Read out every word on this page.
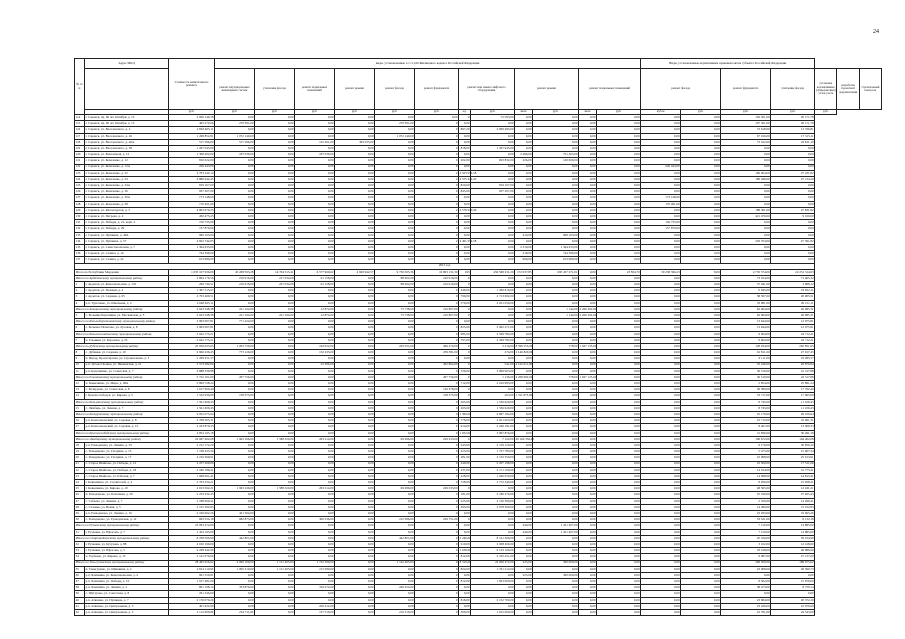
24
№ п/п	Адрес МКД	Стоимость капитального ремонта	виды, установленные ч.1 ст.166 Жилищного кодекса Российской Федерации												Виды, установленные нормативным правовым актом субъекта Российской Федерации						
			ремонт внутридомовых инженерных систем	утепление фасада	ремонт подвальных помещений	ремонт крыши	ремонт фасада	ремонт фундамента	ремонт или замена лифтового оборудования		ремонт крыши		ремонт подвальных помещений		ремонт фасада		ремонт фундамента	утепление фасада	установка коллективных (общедомовых) узлов учета	разработка проектной документации	строительный контроль
		руб.	руб.	руб.	руб.	руб.	руб.	руб.	ед.	руб.	кв.м	руб.	кв.м	руб.	куб.м	руб.	руб.	руб.	руб.		
114	г. Саранск, пр. 60 лет Октября, д. 13	2 600 149,18	0,00	0,00	0,00	0,00	0,00	0,00	0	72 593,00	0,00	0,00	0,00	0,00	0,00	0,00	105 501,00	20 171,78			
115	г. Саранск, пр. 60 лет Октября, д. 15	465 272,06	270 391,00	0,00	0,00	0,00	270 391,00	0	0,00	0,00	0,00	0,00	0,00	0,00	0,00	0,00	107 501,00	20 171,78			
116	г. Саранск, ул. Веселовского, д. 2	2 863 405,11	0,00	0,00	0,00	0,00	0,00	0	897,20	2 999 483,00	0,00	0,00	0,00	0,00	0,00	0,00	72 618,00	13 766,81			
117	г. Саранск, ул. Веселовского, д. 26	1 268 852,81	1 072 140,00	0,00	0,00	0,00	1 072 140,00	0	0,00	0,00	0,00	0,00	0,00	0,00	0,00	0,00	67 016,00	17 315,11			
118	г. Саранск, ул. Веселовского, д. 46А	517 296,00	517 296,00	0,00	122 261,00	395 035,00	0,00	0	0,00	0,00	0,00	0,00	0,00	0,00	0,00	0,00	73 162,00	22 811,10			
119	г. Саранск, ул. Веселовского, д. 58	1 267 945,00	0,00	0,00	0,00	0,00	0,00	0	818,00	1 267 945,00	0,00	0,00	0,00	0,00	0,00	0,00	0,00	0,00			
120	г. Саранск, ул. Вокзальная, д. 12	1 308 402,00	187 039,00	0,00	187 039,00	0,00	0,00	0	0,00	0,00	2 496,00	751 363,00	0,00	0,00	0,00	0,00	0,00	0,00			
121	г. Саранск, ул. Коваленко, д. 12	810 022,00	0,00	0,00	0,00	0,00	0,00	0	202,00	693 832,00	226,00	120 000,00	0,00	0,00	0,00	0,00	0,00	0,00			
122	г. Саранск, ул. Коваленко, д. 12А	226 443,00	0,00	0,00	0,00	0,00	0,00	0	0,00	0,00	0,00	0,00	0,00	0,00	226 443,00	0,00	0,00	0,00			
123	г. Саранск, ул. Коваленко, д. 32	4 793 242,14	0,00	0,00	0,00	0,00	0,00	2	4 503 034,58	0,00	0,00	0,00	0,00	0,00	0,00	0,00	190 004,00	27 431,82			
124	г. Саранск, ул. Коваленко, д. 34	4 886 642,45	0,00	0,00	0,00	0,00	0,00	2	4 575 442,45	0,00	0,00	0,00	0,00	0,00	0,00	0,00	186 048,00	27 134,20			
125	г. Саранск, ул. Коваленко, д. 34А	819 167,00	0,00	0,00	0,00	0,00	0,00	0	820,00	819 167,00	0,00	0,00	0,00	0,00	0,00	0,00	0,00	0,00			
126	г. Саранск, ул. Коваленко, д. 36	957 207,00	0,00	0,00	0,00	0,00	0,00	0	845,00	957 207,00	0,00	0,00	0,00	0,00	0,00	0,00	0,00	0,00			
127	г. Саранск, ул. Коваленко, д. 36А	173 148,00	0,00	0,00	0,00	0,00	0,00	0	0,00	0,00	0,00	0,00	0,00	0,00	173 148,00	0,00	0,00	0,00			
128	г. Саранск, ул. Коваленко, д. 38	176 491,00	0,00	0,00	0,00	0,00	0,00	0	0,00	0,00	0,00	0,00	0,00	0,00	176 491,00	0,00	0,00	0,00			
129	г. Саранск, ул. Металлургов, д. 3	4 803 070,25	0,00	0,00	0,00	0,00	0,00	2	4 578 070,46	0,00	0,00	0,00	0,00	0,00	0,00	0,00	188 361,00	27 831,82			
130	г. Саранск, ул. Петрова, д. 4	450 475,25	0,00	0,00	0,00	0,00	0,00	0	0,00	0,00	0,00	0,00	0,00	0,00	0,00	0,00	421 470,00	9 010,00			
131	г. Саранск, ул. Победы, д. 21, корп. 2	156 735,00	0,00	0,00	0,00	0,00	0,00	0	0,00	0,00	0,00	0,00	0,00	0,00	156 735,00	0,00	0,00	0,00			
132	г. Саранск, ул. Победы, д. 29	157 879,00	0,00	0,00	0,00	0,00	0,00	0	0,00	0,00	0,00	0,00	0,00	0,00	157 879,00	0,00	0,00	0,00			
133	г. Саранск, ул. Пушкина, д. 49А	999 163,00	0,00	0,00	0,00	0,00	0,00	0	0,00	0,00	410,00	999 163,00	0,00	0,00	0,00	0,00	0,00	0,00			
134	г. Саранск, ул. Пушкина, д. 57	4 822 742,95	0,00	0,00	0,00	0,00	0,00	2	4 491 034,58	0,00	0,00	0,00	0,00	0,00	0,00	0,00	203 704,00	27 391,82			
135	г. Саранск, ул. Севастопольская, д. 7	1 364 633,00	0,00	0,00	0,00	0,00	0,00	0	0,00	0,00	2 310,00	1 364 633,00	0,00	0,00	0,00	0,00	0,00	0,00			
136	г. Саранск, ул. Сечина, д. 14	744 399,00	0,00	0,00	0,00	0,00	0,00	0	0,00	0,00	218,00	744 399,00	0,00	0,00	0,00	0,00	0,00	0,00			
137	г. Саранск, ул. Сечина, д. 22	613 980,00	0,00	0,00	0,00	0,00	0,00	0	0,00	0,00	690,00	613 980,00	0,00	0,00	0,00	0,00	0,00	0,00			
2015 год																					
Итого по Республике Мордовия		1 035 107 936,09	45 208 593,28	14 704 313,41	6 577 960,62	4 920 942,57	9 736 505,36	16 803 131,30	193	456 568 231,20	172 037,85	695 457 271,01	0,00	23 834,70	30 238 396,23	8,00	4 735 574,00	22 251 314,93			
Итого по Ардатовскому муниципальному району		2 804 176,56	210 916,00	217 034,00	61 158,00	0,00	88 262,00	210 916,00	0	0,00	0,00	0,00	0,00	0,00	0,00	0,00	73 104,00	71 465,32			
1	г. Ардатов, ул. Комсомольская, д. 135	269 744,51	210 916,00	227 034,00	61 158,00	0,00	88 262,00	210 916,00	0	0,00	0,00	0,00	0,00	0,00	0,00	0,00	37 041,00	3 998,12			
2	г. Ардатов, ул. Полевая, д. 2	1 397 515,67	0,00	0,00	0,00	0,00	0,00	0	249,00	1 309 810,00	0,00	0,00	0,00	0,00	0,00	0,00	0 645,00	19 922,11			
3	г. Ардатов, ул. Садовая, д. 65	2 793 469,51	0,00	0,00	0,00	0,00	0,00	0	790,00	2 713 002,00	0,00	0,00	0,00	0,00	0,00	0,00	38 597,00	20 905,51			
4	р.п. Тургенево, ул. Школьная, д. 2	2 048 625,11	0,00	0,00	0,00	0,00	0,00	0	570,00	2 031 050,00	0,00	0,00	0,00	0,00	0,00	0,00	33 981,00	20 151,11			
Итого по Атюрьевскому муниципальному району		2 623 548,38	221 164,00	0,00	12 874,00	0,00	75 738,00	210 807,00	0	0,00	0,00	1 144,00	2 206 292,00	0,00	0,00	0,00	62 964,00	26 685,31			
5	с. Большие Березники, ул. Московская, д. 5	2 623 548,38	221 164,00	221 164,00	12 874,00	0,00	75 738,00	210 807,00	0	0,00	0,00	1 144,00	2 206 292,00	0,00	0,00	0,00	62 964,00	26 685,31			
Итого по Большеберезниковскому муниципальному району		2 993 007,81	771 224,00	0,00	0,00	0,00	0,00	0	0,00	0,00	0,00	0,00	0,00	0,00	0,00	0,00	13 644,00	12 075,81			
6	с. Большое Игнатово, ул. Луговая, д. 8	2 993 007,81	0,00	0,00	0,00	0,00	0,00	0	825,00	2 962 271,00	0,00	0,00	0,00	0,00	0,00	0,00	13 644,00	12 075,81			
Итого по Большеигнатовскому муниципальному району		2 622 175,21	0,00	0,00	0,00	0,00	0,00	0	985,00	2 569 782,00	0,00	0,00	0,00	0,00	0,00	0,00	9 604,00	24 712,21			
7	п. Ельники, ул. Королева, д. 23	2 622 175,21	0,00	0,00	0,00	0,00	0,00	0	797,00	2 569 782,00	0,00	0,00	0,00	0,00	0,00	0,00	9 604,00	24 712,21			
Итого по Дубенскому муниципальному району		23 059 025,65	1 003 750,00	0,00	194 652,00	0,00	229 351,00	469 270,00	0	2 216,00	8 599 555,00	778,00	1 927 135,00	0,00	0,00	0,00	128 034,00	202 851,65			
8	с. Дубенки, ул. Садовая, д. 10	2 960 436,45	773 126,00	0,00	132 235,00	0,00	0,00	239 381,00	0	274,00	2 146 820,00	0,00	0,00	0,00	0,00	0,00	61 811,00	27 917,45			
9	п. Инсар, Пролетарская, ул. Строительная, д. 3	2 209 451,57	0,00	0,00	0,00	0,00	0,00	0	0,00	0,00	0,00	0,00	0,00	0,00	0,00	0,00	9 111,00	19 285,57			
10	р.п. Зубова Поляна, ул. Ивановская, д. 21	2 573 282,84	0,00	0,00	22 286,00	0,00	0,00	292 864,00	0	541,00	2 102 011,00	0,00	0,00	0,00	0,00	0,00	35 246,00	26 876,84			
11	р.п. Кадошкино, ул. Советская, д. 7	4 888 339,88	0,00	0,00	0,00	0,00	0,00	0	729,00	3 899 903,00	0,00	0,00	0,00	0,00	0,00	0,00	36 519,00	41 317,88			
Итого по Ельниковскому муниципальному району		5 722 101,00	297 756,00	0,00	0,00	0,00	0,00	297 756,00	0	1 136,00	4 208 692,00	778,00	1 927 135,00	0,00	0,00	0,00	36 519,00	43 317,88			
12	п. Ковылкино, ул. Мира, д. 48А	2 899 728,24	0,00	0,00	0,00	0,00	0,00	0	712,00	2 616 983,00	0,00	0,00	0,00	0,00	0,00	0,00	2 854,00	25 891,24			
13	с. Кочкурово, ул. Советская, д. 8	1 617 900,40	0,00	0,00	0,00	0,00	0,00	120 378,00	0	0,00	0,00	0,00	0,00	0,00	0,00	0,00	36 580,00	17 792,40			
14	г. Краснослободск, ул. Кирова, д. 5	1 532 930,00	158 375,00	0,00	0,00	0,00	0,00	158 375,00	0	263,00	1 311 873,00	0,00	0,00	0,00	0,00	0,00	53 717,00	17 965,00			
Итого по Ковылкинскому муниципальному району		1 561 609,43	0,00	0,00	0,00	0,00	0,00	0	265,00	1 536 620,00	0,00	0,00	0,00	0,00	0,00	0,00	8 745,00	11 106,43			
15	с. Лямбирь, ул. Ленина, д. 7	1 561 609,43	0,00	0,00	0,00	0,00	0,00	0	265,00	1 536 620,00	0,00	0,00	0,00	0,00	0,00	0,00	8 745,00	11 106,43			
Итого по Кочкуровскому муниципальному району		4 952 075,64	0,00	0,00	0,00	0,00	0,00	0	1 390,00	4 897 184,00	0,00	0,00	0,00	0,00	0,00	0,00	25 179,00	29 100,64			
16	р.п. Комсомольский, ул. Садовая, д. 8	2 708 205,31	0,00	0,00	0,00	0,00	0,00	0	776,00	2 651 003,00	0,00	0,00	0,00	0,00	0,00	0,00	16 712,00	16 091,31			
17	р.п. Комсомольский, ул. Садовая, д. 12	2 243 870,33	0,00	0,00	0,00	0,00	0,00	0	614,00	2 246 181,00	0,00	0,00	0,00	0,00	0,00	0,00	8 467,00	13 009,33			
Итого по Краснослободскому муниципальному району		4 854 195,18	0,00	0,00	0,00	0,00	0,00	0	1 052,00	3 997 876,00	0,00	0,00	0,00	0,00	0,00	0,00	31 836,00	30 491,18			
Итого по Лямбирскому муниципальному району		22 697 402,08	1 963 166,00	1 588 320,00	263 214,00	0,00	69 286,00	229 233,00	0	7 122,00	20 169 356,00	0,00	0,00	0,00	0,00	0,00	196 672,00	164 402,08			
18	р.п. Ромоданово, ул. Ленина, д. 33	2 212 174,20	0,00	0,00	0,00	0,00	0,00	0	243,00	2 159 120,00	0,00	0,00	0,00	0,00	0,00	0,00	9 176,00	30 856,20			
19	с. Ромоданово, ул. Гагарина, д. 15	1 748 433,34	0,00	0,00	0,00	0,00	0,00	0	223,00	1 727 783,00	0,00	0,00	0,00	0,00	0,00	0,00	5 475,00	15 007,34			
20	с. Ромоданово, ул. Гагарина, д. 17	2 216 369,91	0,00	0,00	0,00	0,00	0,00	0	281,00	2 132 350,00	0,00	0,00	0,00	0,00	0,00	0,00	22 008,00	25 013,91			
21	с. Старое Шайгово, ул. Победы, д. 12	2 257 209,06	0,00	0,00	0,00	0,00	0,00	0	249,00	2 207 198,00	0,00	0,00	0,00	0,00	0,00	0,00	10 500,00	17 511,06			
22	с. Старое Шайгово, ул. Победы, д. 18	2 246 189,41	0,00	0,00	0,00	0,00	0,00	0	237,00	2 171 100,00	0,00	0,00	0,00	0,00	0,00	0,00	14 014,00	31 775,41			
23	с. Старое Шайгово, ул. Рабочая, д. 7	1 968 961,41	0,00	0,00	0,00	0,00	0,00	0	228,00	1 940 050,00	0,00	0,00	0,00	0,00	0,00	0,00	14 098,00	14 813,41			
24	г. Ковылкино, ул. Строителей, д. 2	2 703 254,21	0,00	0,00	0,00	0,00	0,00	0	728,00	2 772 340,00	0,00	0,00	0,00	0,00	0,00	0,00	8 956,00	21 958,21			
25	г. Ковылкино, ул. Кирова, д. 19	2 013 562,21	1 963 166,00	1 588 320,00	263 214,00	0,00	69 286,00	229 233,00	0	0,00	0,00	0,00	0,00	0,00	0,00	0,00	48 365,00	12 431,21			
26	п. Ромоданово, ул. Ключевая, д. 29	2 233 432,43	0,00	0,00	0,00	0,00	0,00	0	181,00	2 180 276,00	0,00	0,00	0,00	0,00	0,00	0,00	25 190,00	27 925,43			
27	с. Сабаево, ул. Ленина, д. 7	2 188 060,41	0,00	0,00	0,00	0,00	0,00	0	225,00	2 136 390,00	0,00	0,00	0,00	0,00	0,00	0,00	2 520,00	14 290,41			
28	с. Саловка, ул. Новая, д. 5	2 125 392,83	0,00	0,00	0,00	0,00	0,00	0	293,00	2 078 300,00	0,00	0,00	0,00	0,00	0,00	0,00	14 280,00	15 012,83			
29	р.п. Ромоданово, ул. Ленина, д. 16	2 166 062,26	421 364,00	0,00	0,00	0,00	0,00	0	0,00	0,00	0,00	0,00	0,00	0,00	0,00	0,00	23 033,00	19 665,26			
30	с. Ромоданово, ул. Гражданская, д. 12	693 554,18	682 873,00	0,00	300 236,00	0,00	212 386,00	239 751,00	0	0,00	0,00	0,00	0,00	0,00	0,00	0,00	33 521,00	8 132,18			
Итого по Рузаевскому муниципальному району		23 093 474,00	0,00	0,00	0,00	0,00	0,00	0	0,00	0,00	440,00	1 451 407,00	0,00	0,00	0,00	0,00	7 150,00	14 885,00			
31	г. Рузаевка, ул. Юрасова, д. 7	1 454 195,00	0,00	0,00	0,00	0,00	0,00	0	0,00	0,00	440,00	1 451 407,00	0,00	0,00	0,00	0,00	7 150,00	14 885,00			
Итого по Старошайговскому муниципальному району		8 238 596,90	442 801,00	0,00	0,00	0,00	442 801,00	0	2 246,00	8 141 306,00	0,00	0,00	0,00	0,00	0,00	0,00	45 526,00	59 104,90			
32	г. Рузаевка, ул. Кутузова, д. 88	2 010 190,00	0,00	0,00	0,00	0,00	0,00	0	610,00	2 008 200,00	0,00	0,00	0,00	0,00	0,00	0,00	3 102,00	12 418,00			
33	г. Рузаевка, ул. Юрасова, д. 5	4 228 442,90	0,00	0,00	0,00	0,00	0,00	0	1 636,00	6 133 106,00	0,00	0,00	0,00	0,00	0,00	0,00	18 418,00	46 686,90			
34	п. Торбеево, ул. Кирова, д. 13	2 141 079,00	0,00	0,00	0,00	0,00	0,00	0	812,00	2 105 451,00	0,00	0,00	0,00	0,00	0,00	0,00	9 087,00	27 137,00			
Итого по Теньгушевскому муниципальному району		28 465 656,62	4 006 100,00	1 131 405,00	1 732 290,00	0,00	1 142 405,00	0	8 316,00	22 000 472,00	225,00	300 000,00	0,00	0,00	0,00	0,00	209 509,00	189 675,62			
35	п. Теньгушево, ул. Шишкина, д. 2	2 814 110,93	1 095 310,00	1 131 405,00	213 580,00	0,00	0,00	0	824,00	1 761 212,00	0,00	0,00	0,00	0,00	0,00	0,00	23 008,00	20 390,73			
36	р.п. Чамзинка, ул. Комсомольская, д. 4	991 550,81	0,00	0,00	0,00	0,00	0,00	0	0,00	0,00	225,00	300 000,00	0,00	0,00	0,00	0,00	0,00	0,00			
37	р.п. Чамзинка, ул. Победы, д. 10	1 917 481,00	0,00	0,00	0,00	0,00	0,00	0	812,00	1 823 000,00	0,00	0,00	0,00	0,00	0,00	0,00	8 502,00	15 979,00			
38	р.п. Чамзинка, ул. Ленина, д. 2	801 108,14	353 876,00	0,00	319 272,00	0,00	240 454,00	0	0,00	0,00	0,00	0,00	0,00	0,00	0,00	0,00	38 473,00	8 759,14			
39	с. Шугурово, ул. Советская, д. 8	261 346,00	0,00	0,00	0,00	0,00	0,00	0	0,00	0,00	0,00	0,00	0,00	0,00	0,00	0,00	0,00	0,00			
40	р.п. Атяшево, ул. Пушкина, д. 7	2 176 070,29	0,00	0,00	0,00	0,00	0,00	0	818,00	2 152 700,00	0,00	0,00	0,00	0,00	0,00	0,00	23 684,00	20 372,29			
41	р.п. Атяшево, ул. Центральная, д. 3	401 622,90	0,00	0,00	226 412,00	0,00	0,00	0	0,00	0,00	0,00	0,00	0,00	0,00	0,00	0,00	23 430,00	10 076,90			
42	р.п. Атяшево, ул. Центральная, д. 5	2 112 900,09	254 711,00	0,00	137 510,00	0,00	210 310,00	0	300,00	1 812 000,00	0,00	0,00	0,00	0,00	0,00	0,00	22 791,00	24 543,09			
